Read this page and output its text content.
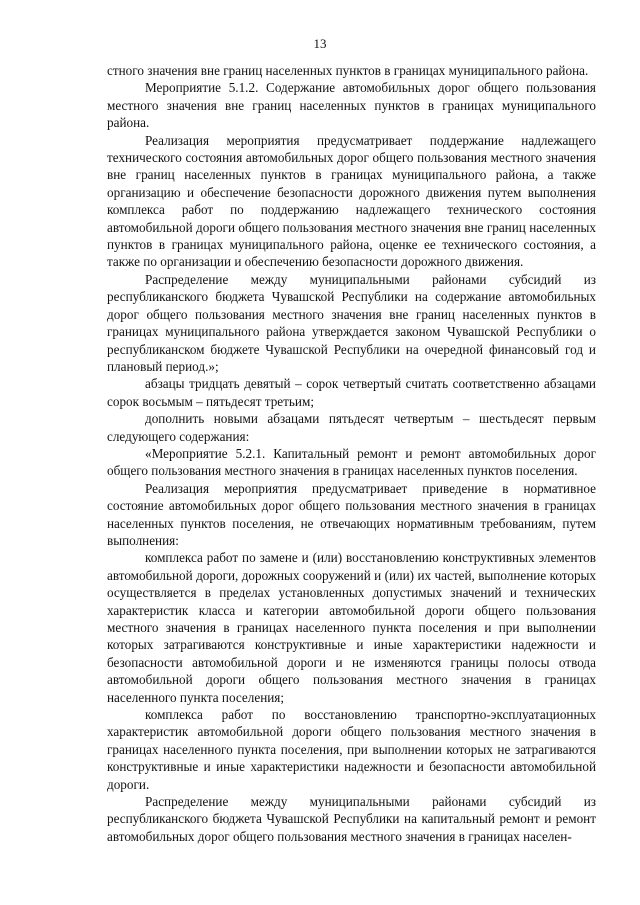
13

стного значения вне границ населенных пунктов в границах муниципального района.

Мероприятие 5.1.2. Содержание автомобильных дорог общего пользования местного значения вне границ населенных пунктов в границах муниципального района.

Реализация мероприятия предусматривает поддержание надлежащего технического состояния автомобильных дорог общего пользования местного значения вне границ населенных пунктов в границах муниципального района, а также организацию и обеспечение безопасности дорожного движения путем выполнения комплекса работ по поддержанию надлежащего технического состояния автомобильной дороги общего пользования местного значения вне границ населенных пунктов в границах муниципального района, оценке ее технического состояния, а также по организации и обеспечению безопасности дорожного движения.

Распределение между муниципальными районами субсидий из республиканского бюджета Чувашской Республики на содержание автомобильных дорог общего пользования местного значения вне границ населенных пунктов в границах муниципального района утверждается законом Чувашской Республики о республиканском бюджете Чувашской Республики на очередной финансовый год и плановый период.»;

абзацы тридцать девятый – сорок четвертый считать соответственно абзацами сорок восьмым – пятьдесят третьим;

дополнить новыми абзацами пятьдесят четвертым – шестьдесят первым следующего содержания:

«Мероприятие 5.2.1. Капитальный ремонт и ремонт автомобильных дорог общего пользования местного значения в границах населенных пунктов поселения.

Реализация мероприятия предусматривает приведение в нормативное состояние автомобильных дорог общего пользования местного значения в границах населенных пунктов поселения, не отвечающих нормативным требованиям, путем выполнения:

комплекса работ по замене и (или) восстановлению конструктивных элементов автомобильной дороги, дорожных сооружений и (или) их частей, выполнение которых осуществляется в пределах установленных допустимых значений и технических характеристик класса и категории автомобильной дороги общего пользования местного значения в границах населенного пункта поселения и при выполнении которых затрагиваются конструктивные и иные характеристики надежности и безопасности автомобильной дороги и не изменяются границы полосы отвода автомобильной дороги общего пользования местного значения в границах населенного пункта поселения;

комплекса работ по восстановлению транспортно-эксплуатационных характеристик автомобильной дороги общего пользования местного значения в границах населенного пункта поселения, при выполнении которых не затрагиваются конструктивные и иные характеристики надежности и безопасности автомобильной дороги.

Распределение между муниципальными районами субсидий из республиканского бюджета Чувашской Республики на капитальный ремонт и ремонт автомобильных дорог общего пользования местного значения в границах населен-
